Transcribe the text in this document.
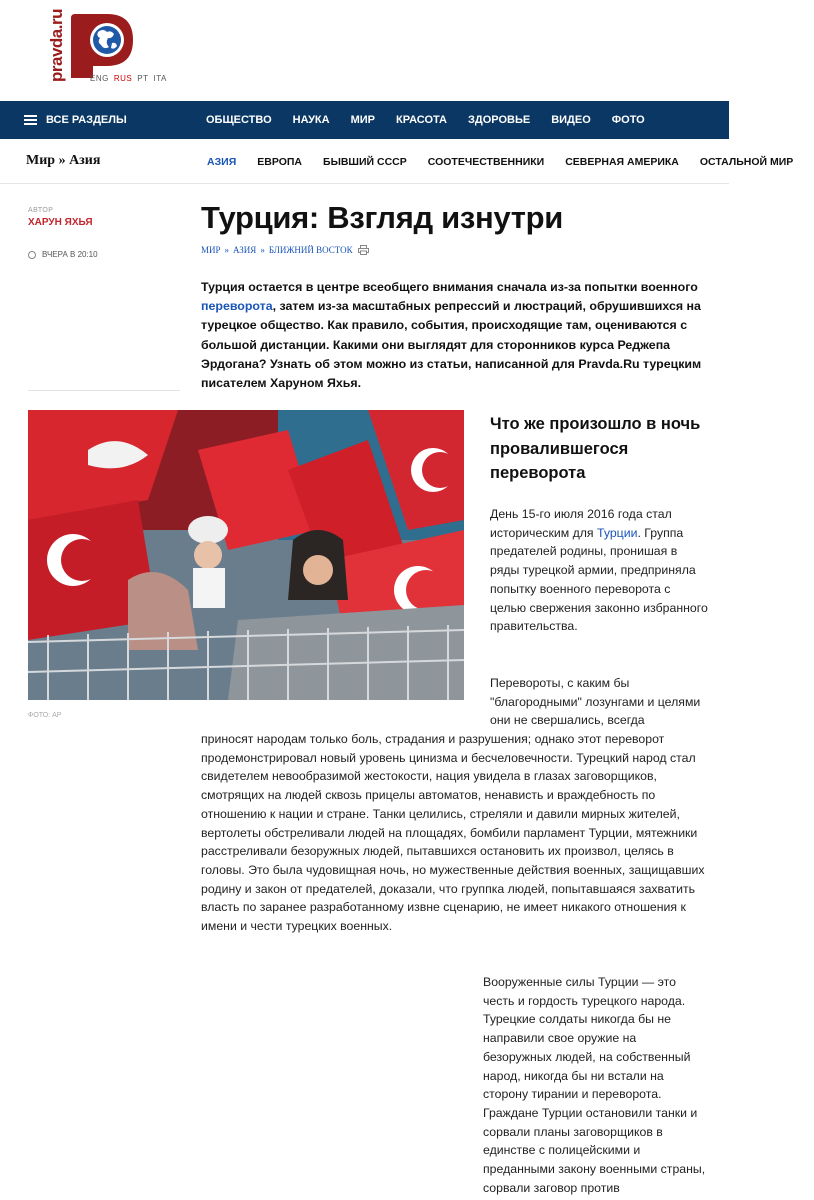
pravda.ru	ENG RUS PT ITA
ВСЕ РАЗДЕЛЫ	ОБЩЕСТВО НАУКА МИР КРАСОТА ЗДОРОВЬЕ ВИДЕО ФОТО
Мир » Азия	АЗИЯ ЕВРОПА БЫВШИЙ СССР СООТЕЧЕСТВЕННИКИ СЕВЕРНАЯ АМЕРИКА ОСТАЛЬНОЙ МИР
АВТОР
ХАРУН ЯХЬЯ
ВЧЕРА В 20:10
Турция: Взгляд изнутри
МИР » АЗИЯ » БЛИЖНИЙ ВОСТОК

Турция остается в центре всеобщего внимания сначала из-за попытки военного переворота, затем из-за масштабных репрессий и люстраций, обрушившихся на турецкое общество. Как правило, события, происходящие там, оцениваются с большой дистанции. Какими они выглядят для сторонников курса Реджепа Эрдогана? Узнать об этом можно из статьи, написанной для Pravda.Ru турецким писателем Харуном Яхья.

ФОТО: AP
Что же произошло в ночь провалившегося переворота

День 15-го июля 2016 года стал историческим для Турции. Группа предателей родины, пронишая в ряды турецкой армии, предприняла попытку военного переворота с целью свержения законно избранного правительства.

Перевороты, с каким бы "благородными" лозунгами и целями они не свершались, всегда

приносят народам только боль, страдания и разрушения; однако этот переворот продемонстрировал новый уровень цинизма и бесчеловечности. Турецкий народ стал свидетелем невообразимой жестокости, нация увидела в глазах заговорщиков, смотрящих на людей сквозь прицелы автоматов, ненависть и враждебность по отношению к нации и стране. Танки целились, стреляли и давили мирных жителей, вертолеты обстреливали людей на площадях, бомбили парламент Турции, мятежники расстреливали безоружных людей, пытавшихся остановить их произвол, целясь в головы. Это была чудовищная ночь, но мужественные действия военных, защищавших родину и закон от предателей, доказали, что группка людей, попытавшаяся захватить власть по заранее разработанному извне сценарию, не имеет никакого отношения к имени и чести турецких военных.

Вооруженные силы Турции — это честь и гордость турецкого народа. Турецкие солдаты никогда бы не направили свое оружие на безоружных людей, на собственный народ, никогда бы ни встали на сторону тирании и переворота. Граждане Турции остановили танки и сорвали планы заговорщиков в единстве с полицейскими и преданными закону военными страны, сорвали заговор против
